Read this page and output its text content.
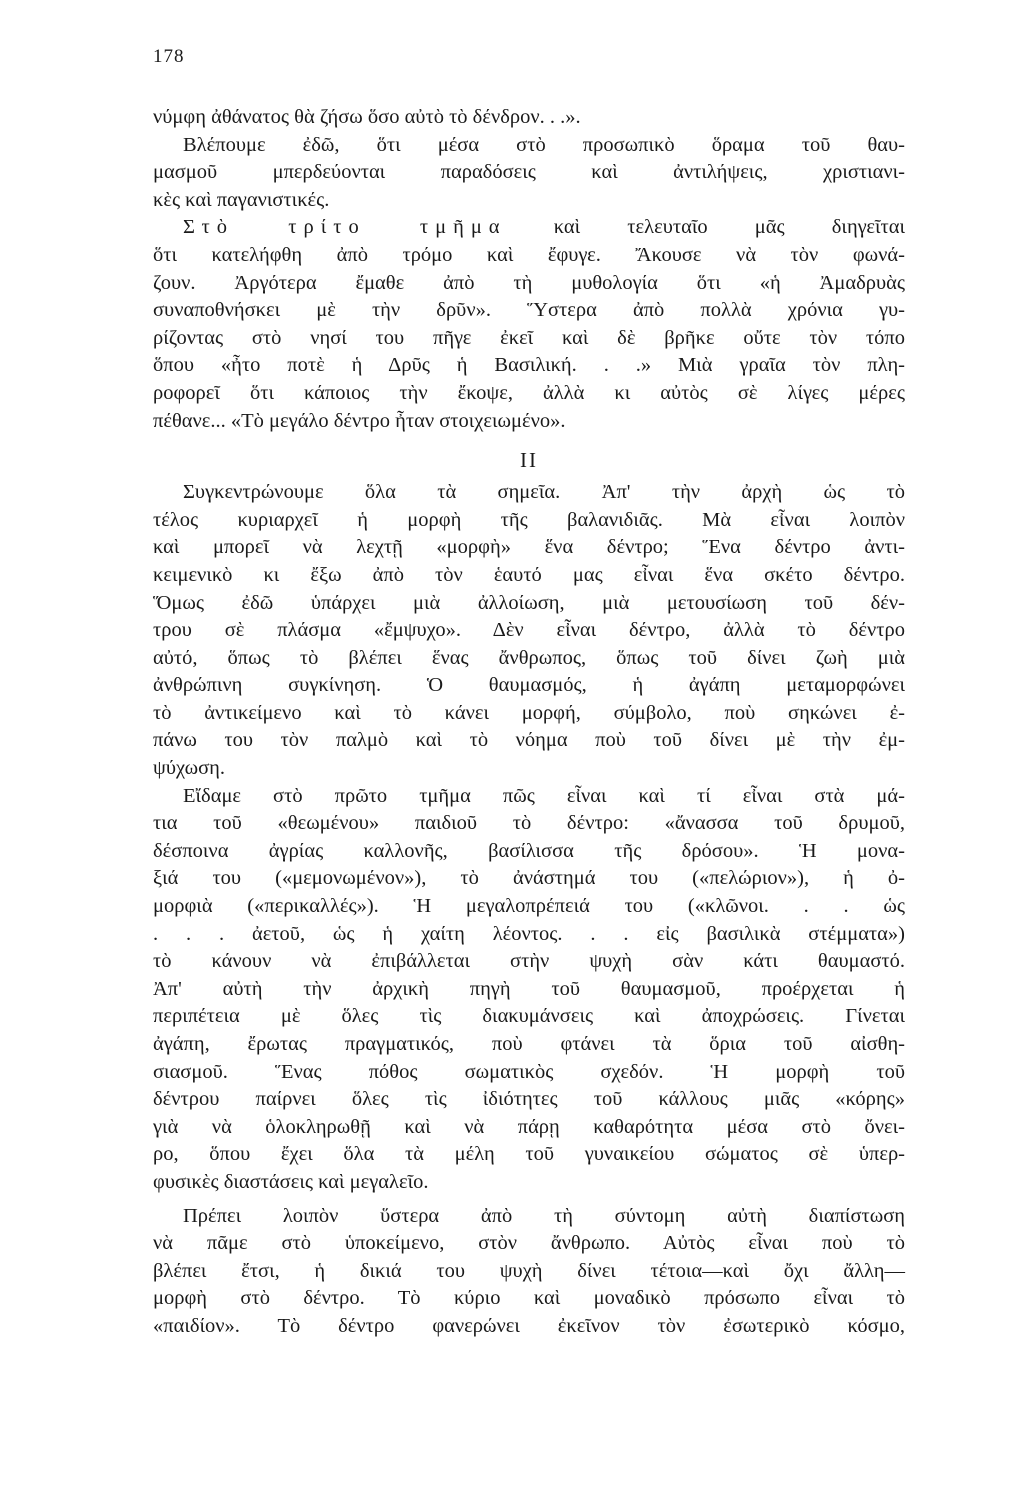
178
νύμφη ἀθάνατος θὰ ζήσω ὅσο αὐτὸ τὸ δένδρον. . .».
Βλέπουμε ἐδῶ, ὅτι μέσα στὸ προσωπικὸ ὅραμα τοῦ θαυ-
μασμοῦ μπερδεύονται παραδόσεις καὶ ἀντιλήψεις, χριστιανι-
κὲς καὶ παγανιστικές.
Στὸ τρίτο τμῆμα καὶ τελευταῖο μᾶς διηγεῖται
ὅτι κατελήφθη ἀπὸ τρόμο καὶ ἔφυγε. Ἄκουσε νὰ τὸν φωνά-
ζουν. Ἀργότερα ἔμαθε ἀπὸ τὴ μυθολογία ὅτι «ἡ Ἀμαδρυὰς
συναποθνήσκει μὲ τὴν δρῦν». Ὕστερα ἀπὸ πολλὰ χρόνια γυ-
ρίζοντας στὸ νησί του πῆγε ἐκεῖ καὶ δὲ βρῆκε οὔτε τὸν τόπο
ὅπου «ἦτο ποτὲ ἡ Δρῦς ἡ Βασιλική. . .» Μιὰ γραῖα τὸν πλη-
ροφορεῖ ὅτι κάποιος τὴν ἔκοψε, ἀλλὰ κι αὐτὸς σὲ λίγες μέρες
πέθανε... «Τὸ μεγάλο δέντρο ἦταν στοιχειωμένο».
II
Συγκεντρώνουμε ὅλα τὰ σημεῖα. Ἀπ' τὴν ἀρχὴ ὡς τὸ
τέλος κυριαρχεῖ ἡ μορφὴ τῆς βαλανιδιᾶς. Μὰ εἶναι λοιπὸν
καὶ μπορεῖ νὰ λεχτῇ «μορφὴ» ἕνα δέντρο; Ἕνα δέντρο ἀντι-
κειμενικὸ κι ἔξω ἀπὸ τὸν ἑαυτό μας εἶναι ἕνα σκέτο δέντρο.
Ὅμως ἐδῶ ὑπάρχει μιὰ ἀλλοίωση, μιὰ μετουσίωση τοῦ δέν-
τρου σὲ πλάσμα «ἔμψυχο». Δὲν εἶναι δέντρο, ἀλλὰ τὸ δέντρο
αὐτό, ὅπως τὸ βλέπει ἕνας ἄνθρωπος, ὅπως τοῦ δίνει ζωὴ μιὰ
ἀνθρώπινη συγκίνηση. Ὁ θαυμασμός, ἡ ἀγάπη μεταμορφώνει
τὸ ἀντικείμενο καὶ τὸ κάνει μορφή, σύμβολο, ποὺ σηκώνει ἐ-
πάνω του τὸν παλμὸ καὶ τὸ νόημα ποὺ τοῦ δίνει μὲ τὴν ἐμ-
ψύχωση.
Εἴδαμε στὸ πρῶτο τμῆμα πῶς εἶναι καὶ τί εἶναι στὰ μά-
τια τοῦ «θεωμένου» παιδιοῦ τὸ δέντρο: «ἄνασσα τοῦ δρυμοῦ,
δέσποινα ἀγρίας καλλονῆς, βασίλισσα τῆς δρόσου». Ἡ μονα-
ξιά του («μεμονωμένον»), τὸ ἀνάστημά του («πελώριον»), ἡ ὀ-
μορφιὰ («περικαλλές»). Ἡ μεγαλοπρέπειά του («κλῶνοι. . . ὡς
. . . ἀετοῦ, ὡς ἡ χαίτη λέοντος. . . εἰς βασιλικὰ στέμματα»)
τὸ κάνουν νὰ ἐπιβάλλεται στὴν ψυχὴ σὰν κάτι θαυμαστό.
Ἀπ' αὐτὴ τὴν ἀρχικὴ πηγὴ τοῦ θαυμασμοῦ, προέρχεται ἡ
περιπέτεια μὲ ὅλες τὶς διακυμάνσεις καὶ ἀποχρώσεις. Γίνεται
ἀγάπη, ἔρωτας πραγματικός, ποὺ φτάνει τὰ ὅρια τοῦ αἰσθη-
σιασμοῦ. Ἕνας πόθος σωματικὸς σχεδόν. Ἡ μορφὴ τοῦ
δέντρου παίρνει ὅλες τὶς ἰδιότητες τοῦ κάλλους μιᾶς «κόρης»
γιὰ νὰ ὁλοκληρωθῇ καὶ νὰ πάρῃ καθαρότητα μέσα στὸ ὄνει-
ρο, ὅπου ἔχει ὅλα τὰ μέλη τοῦ γυναικείου σώματος σὲ ὑπερ-
φυσικὲς διαστάσεις καὶ μεγαλεῖο.
Πρέπει λοιπὸν ὕστερα ἀπὸ τὴ σύντομη αὐτὴ διαπίστωση
νὰ πᾶμε στὸ ὑποκείμενο, στὸν ἄνθρωπο. Αὐτὸς εἶναι ποὺ τὸ
βλέπει ἔτσι, ἡ δικιά του ψυχὴ δίνει τέτοια—καὶ ὄχι ἄλλη—
μορφὴ στὸ δέντρο. Τὸ κύριο καὶ μοναδικὸ πρόσωπο εἶναι τὸ
«παιδίον». Τὸ δέντρο φανερώνει ἐκεῖνον τὸν ἐσωτερικὸ κόσμο,
